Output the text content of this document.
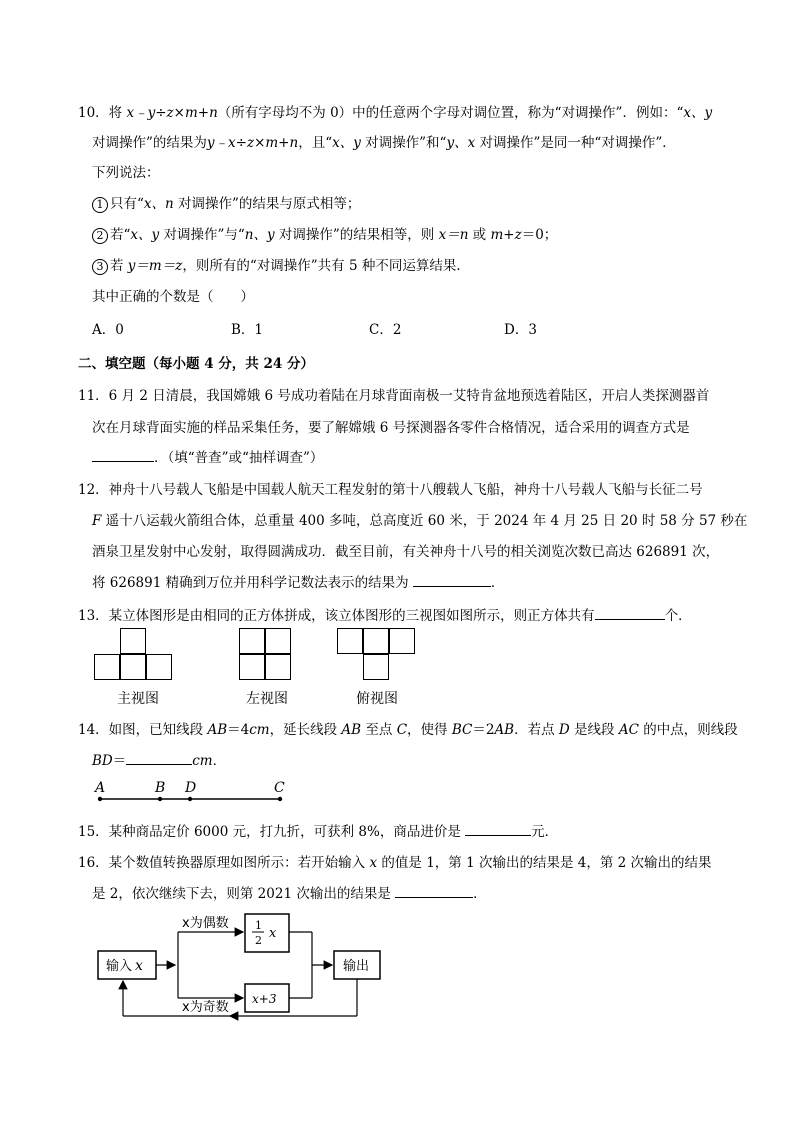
10．将 x﹣y÷z×m+n（所有字母均不为 0）中的任意两个字母对调位置，称为“对调操作”．例如：“x、y
对调操作”的结果为y﹣x÷z×m+n，且“x、y 对调操作”和“y、x 对调操作”是同一种“对调操作”．
下列说法：
1 只有“x、n 对调操作”的结果与原式相等；
2 若“x、y 对调操作”与“n、y 对调操作”的结果相等，则 x＝n 或 m+z＝0；
3 若 y＝m＝z，则所有的“对调操作”共有 5 种不同运算结果．
其中正确的个数是（　　）
A．0	B．1	C．2	D．3
二、填空题（每小题 4 分，共 24 分）
11．6 月 2 日清晨，我国嫦娥 6 号成功着陆在月球背面南极一艾特肯盆地预选着陆区，开启人类探测器首
次在月球背面实施的样品采集任务，要了解嫦娥 6 号探测器各零件合格情况，适合采用的调查方式是
．（填“普查”或“抽样调查”）
12．神舟十八号载人飞船是中国载人航天工程发射的第十八艘载人飞船，神舟十八号载人飞船与长征二号
F 遥十八运载火箭组合体，总重量 400 多吨，总高度近 60 米，于 2024 年 4 月 25 日 20 时 58 分 57 秒在
酒泉卫星发射中心发射，取得圆满成功．截至目前，有关神舟十八号的相关浏览次数已高达 626891 次，
将 626891 精确到万位并用科学记数法表示的结果为	．
13．某立体图形是由相同的正方体拼成，该立体图形的三视图如图所示，则正方体共有	个．
主视图	左视图	俯视图
14．如图，已知线段 AB＝4cm，延长线段 AB 至点 C，使得 BC＝2AB．若点 D 是线段 AC 的中点，则线段
BD＝	cm．
A	B D	C
15．某种商品定价 6000 元，打九折，可获利 8%，商品进价是	元．
16．某个数值转换器原理如图所示：若开始输入 x 的值是 1，第 1 次输出的结果是 4，第 2 次输出的结果
是 2，依次继续下去，则第 2021 次输出的结果是	．
输入 x
x为偶数 1
2 x
x+3
输出
x为奇数
